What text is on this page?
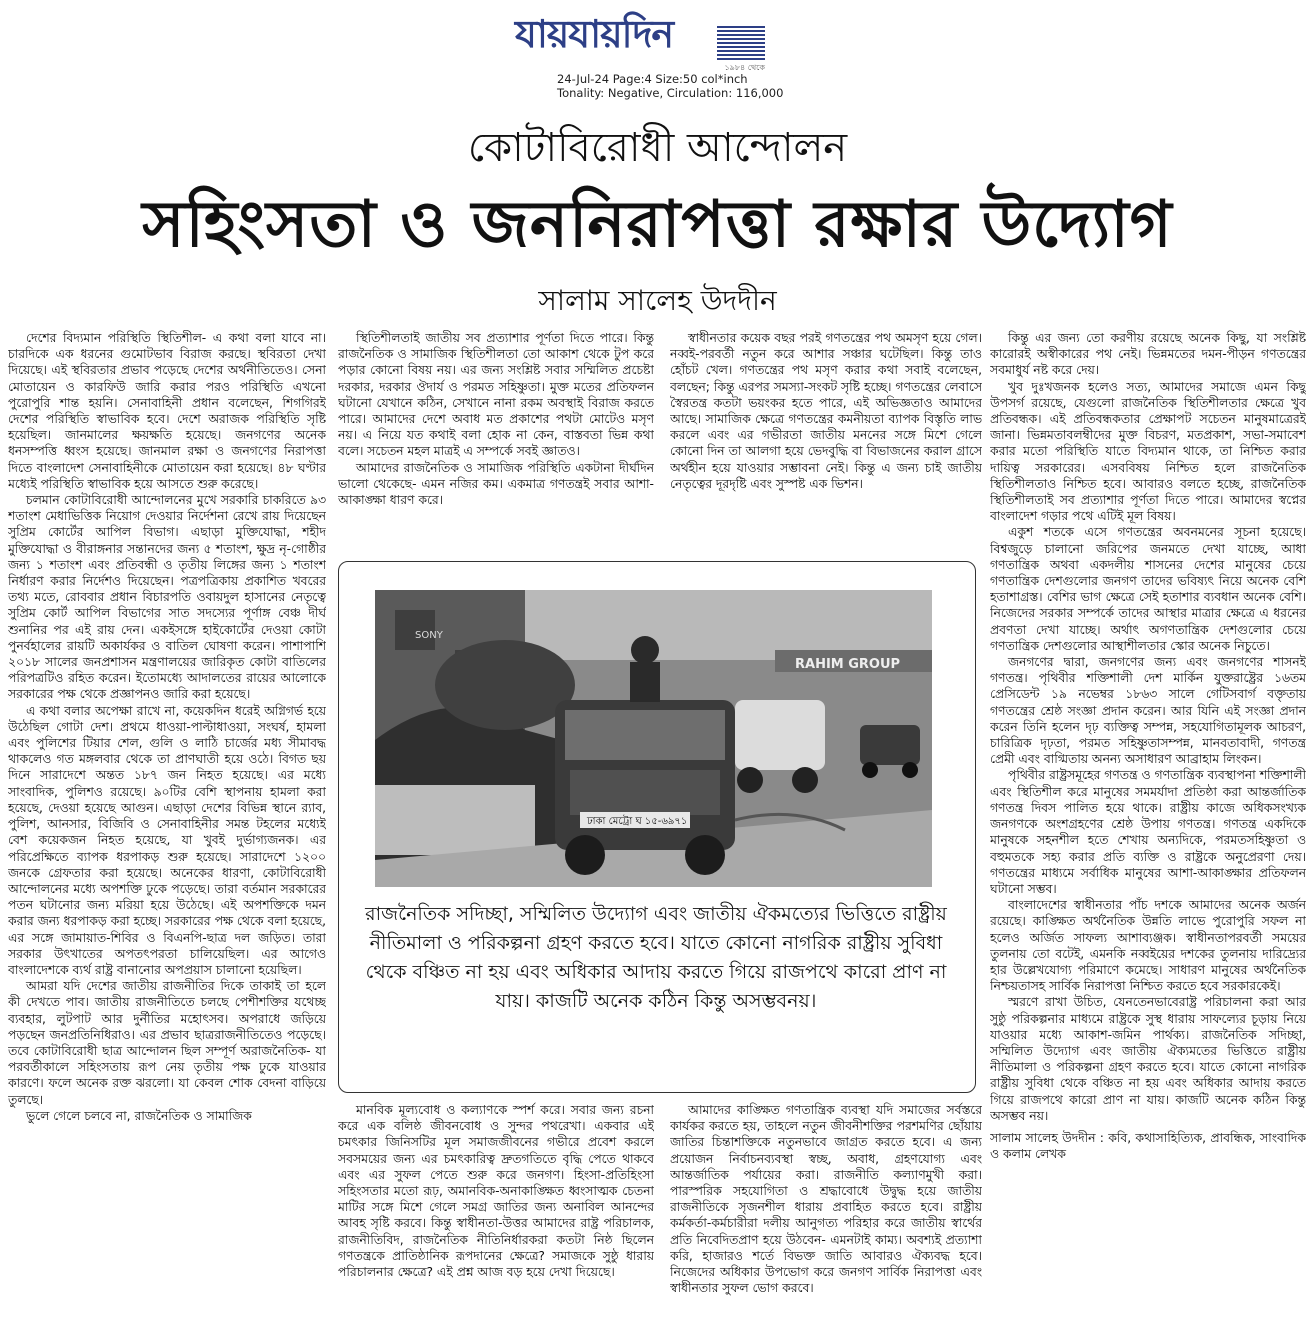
যায়যায়দিন
১৯৮৪ থেকে
24-Jul-24 Page:4 Size:50 col*inch
Tonality: Negative, Circulation: 116,000
কোটাবিরোধী আন্দোলন
সহিংসতা ও জননিরাপত্তা রক্ষার উদ্যোগ
সালাম সালেহ উদদীন

দেশের বিদ্যমান পরিস্থিতি স্থিতিশীল- এ কথা বলা যাবে না। চারদিকে এক ধরনের গুমোটভাব বিরাজ করছে। স্থবিরতা দেখা দিয়েছে। এই স্থবিরতার প্রভাব পড়েছে দেশের অর্থনীতিতেও। সেনা মোতায়েন ও কারফিউ জারি করার পরও পরিস্থিতি এখনো পুরোপুরি শান্ত হয়নি। সেনাবাহিনী প্রধান বলেছেন, শিগগিরই দেশের পরিস্থিতি স্বাভাবিক হবে। দেশে অরাজক পরিস্থিতি সৃষ্টি হয়েছিল। জানমালের ক্ষয়ক্ষতি হয়েছে। জনগণের অনেক ধনসম্পত্তি ধ্বংস হয়েছে। জানমাল রক্ষা ও জনগণের নিরাপত্তা দিতে বাংলাদেশ সেনাবাহিনীকে মোতায়েন করা হয়েছে। ৪৮ ঘণ্টার মধ্যেই পরিস্থিতি স্বাভাবিক হয়ে আসতে শুরু করেছে।

চলমান কোটাবিরোধী আন্দোলনের মুখে সরকারি চাকরিতে ৯৩ শতাংশ মেধাভিত্তিক নিয়োগ দেওয়ার নির্দেশনা রেখে রায় দিয়েছেন সুপ্রিম কোর্টের আপিল বিভাগ। এছাড়া মুক্তিযোদ্ধা, শহীদ মুক্তিযোদ্ধা ও বীরাঙ্গনার সন্তানদের জন্য ৫ শতাংশ, ক্ষুদ্র নৃ-গোষ্ঠীর জন্য ১ শতাংশ এবং প্রতিবন্ধী ও তৃতীয় লিঙ্গের জন্য ১ শতাংশ নির্ধারণ করার নির্দেশও দিয়েছেন। পত্রপত্রিকায় প্রকাশিত খবরের তথ্য মতে, রোববার প্রধান বিচারপতি ওবায়দুল হাসানের নেতৃত্বে সুপ্রিম কোর্ট আপিল বিভাগের সাত সদস্যের পূর্ণাঙ্গ বেঞ্চ দীর্ঘ শুনানির পর এই রায় দেন। একইসঙ্গে হাইকোর্টের দেওয়া কোটা পুনর্বহালের রায়টি অকার্যকর ও বাতিল ঘোষণা করেন। পাশাপাশি ২০১৮ সালের জনপ্রশাসন মন্ত্রণালয়ের জারিকৃত কোটা বাতিলের পরিপত্রটিও রহিত করেন। ইতোমধ্যে আদালতের রায়ের আলোকে সরকারের পক্ষ থেকে প্রজ্ঞাপনও জারি করা হয়েছে।

এ কথা বলার অপেক্ষা রাখে না, কয়েকদিন ধরেই অগ্নিগর্ভ হয়ে উঠেছিল গোটা দেশ। প্রথমে ধাওয়া-পাল্টাধাওয়া, সংঘর্ষ, হামলা এবং পুলিশের টিয়ার শেল, গুলি ও লাঠি চার্জের মধ্য সীমাবদ্ধ থাকলেও গত মঙ্গলবার থেকে তা প্রাণঘাতী হয়ে ওঠে। বিগত ছয় দিনে সারাদেশে অন্তত ১৮৭ জন নিহত হয়েছে। এর মধ্যে সাংবাদিক, পুলিশও রয়েছে। ৯০টির বেশি স্থাপনায় হামলা করা হয়েছে, দেওয়া হয়েছে আগুন। এছাড়া দেশের বিভিন্ন স্থানে র‌্যাব, পুলিশ, আনসার, বিজিবি ও সেনাবাহিনীর সমন্ত টহলের মধ্যেই বেশ কয়েকজন নিহত হয়েছে, যা খুবই দুর্ভাগ্যজনক। এর পরিপ্রেক্ষিতে ব্যাপক ধরপাকড় শুরু হয়েছে। সারাদেশে ১২০০ জনকে গ্রেফতার করা হয়েছে। অনেকের ধারণা, কোটাবিরোধী আন্দোলনের মধ্যে অপশক্তি ঢুকে পড়েছে। তারা বর্তমান সরকারের পতন ঘটানোর জন্য মরিয়া হয়ে উঠেছে। এই অপশক্তিকে দমন করার জন্য ধরপাকড় করা হচ্ছে। সরকারের পক্ষ থেকে বলা হয়েছে, এর সঙ্গে জামায়াত-শিবির ও বিএনপি-ছাত্র দল জড়িত। তারা সরকার উৎখাতের অপতৎপরতা চালিয়েছিল। এর আগেও বাংলাদেশকে ব্যর্থ রাষ্ট্র বানানোর অপপ্রয়াস চালানো হয়েছিল।

আমরা যদি দেশের জাতীয় রাজনীতির দিকে তাকাই তা হলে কী দেখতে পাব। জাতীয় রাজনীতিতে চলছে পেশীশক্তির যথেচ্ছ ব্যবহার, লুটপাট আর দুর্নীতির মহোৎসব। অপরাধে জড়িয়ে পড়ছেন জনপ্রতিনিধিরাও। এর প্রভাব ছাত্ররাজনীতিতেও পড়েছে। তবে কোটাবিরোধী ছাত্র আন্দোলন ছিল সম্পূর্ণ অরাজনৈতিক- যা পরবর্তীকালে সহিংসতায় রূপ নেয় তৃতীয় পক্ষ ঢুকে যাওয়ার কারণে। ফলে অনেক রক্ত ঝরলো। যা কেবল শোক বেদনা বাড়িয়ে তুলছে।

ভুলে গেলে চলবে না, রাজনৈতিক ও সামাজিক

স্থিতিশীলতাই জাতীয় সব প্রত্যাশার পূর্ণতা দিতে পারে। কিন্তু রাজনৈতিক ও সামাজিক স্থিতিশীলতা তো আকাশ থেকে টুপ করে পড়ার কোনো বিষয় নয়। এর জন্য সংশ্লিষ্ট সবার সম্মিলিত প্রচেষ্টা দরকার, দরকার ঔদার্য ও পরমত সহিষ্ণুতা। মুক্ত মতের প্রতিফলন ঘটানো যেখানে কঠিন, সেখানে নানা রকম অবস্থাই বিরাজ করতে পারে। আমাদের দেশে অবাধ মত প্রকাশের পথটা মোটেও মসৃণ নয়। এ নিয়ে যত কথাই বলা হোক না কেন, বাস্তবতা ভিন্ন কথা বলে। সচেতন মহল মাত্রই এ সম্পর্কে সবই জ্ঞাতও।

আমাদের রাজনৈতিক ও সামাজিক পরিস্থিতি একটানা দীর্ঘদিন ভালো থেকেছে- এমন নজির কম। একমাত্র গণতন্ত্রই সবার আশা-আকাঙ্ক্ষা ধারণ করে।

স্বাধীনতার কয়েক বছর পরই গণতন্ত্রের পথ অমসৃণ হয়ে গেল। নব্বই-পরবর্তী নতুন করে আশার সঞ্চার ঘটেছিল। কিন্তু তাও হোঁচট খেল। গণতন্ত্রের পথ মসৃণ করার কথা সবাই বলেছেন, বলছেন; কিন্তু এরপর সমস্যা-সংকট সৃষ্টি হচ্ছে। গণতন্ত্রের লেবাসে স্বৈরতন্ত্র কতটা ভয়ংকর হতে পারে, এই অভিজ্ঞতাও আমাদের আছে। সামাজিক ক্ষেত্রে গণতন্ত্রের কমনীয়তা ব্যাপক বিস্তৃতি লাভ করলে এবং এর গভীরতা জাতীয় মননের সঙ্গে মিশে গেলে কোনো দিন তা আলগা হয়ে ভেদবুদ্ধি বা বিভাজনের করাল গ্রাসে অর্থহীন হয়ে যাওয়ার সম্ভাবনা নেই। কিন্তু এ জন্য চাই জাতীয় নেতৃত্বের দূরদৃষ্টি এবং সুস্পষ্ট এক ভিশন।

কিন্তু এর জন্য তো করণীয় রয়েছে অনেক কিছু, যা সংশ্লিষ্ট কারোরই অস্বীকারের পথ নেই। ভিন্নমতের দমন-পীড়ন গণতন্ত্রের সবমাধুর্য নষ্ট করে দেয়।

খুব দুঃখজনক হলেও সত্য, আমাদের সমাজে এমন কিছু উপসর্গ রয়েছে, যেগুলো রাজনৈতিক স্থিতিশীলতার ক্ষেত্রে খুব প্রতিবন্ধক। এই প্রতিবন্ধকতার প্রেক্ষাপট সচেতন মানুষমাত্রেরই জানা। ভিন্নমতাবলম্বীদের মুক্ত বিচরণ, মতপ্রকাশ, সভা-সমাবেশ করার মতো পরিস্থিতি যাতে বিদ্যমান থাকে, তা নিশ্চিত করার দায়িত্ব সরকারের। এসববিষয় নিশ্চিত হলে রাজনৈতিক স্থিতিশীলতাও নিশ্চিত হবে। আবারও বলতে হচ্ছে, রাজনৈতিক স্থিতিশীলতাই সব প্রত্যাশার পূর্ণতা দিতে পারে। আমাদের স্বপ্নের বাংলাদেশ গড়ার পথে এটিই মূল বিষয়।

একুশ শতকে এসে গণতন্ত্রের অবনমনের সূচনা হয়েছে। বিশ্বজুড়ে চালানো জরিপের জনমতে দেখা যাচ্ছে, আধা গণতান্ত্রিক অথবা একদলীয় শাসনের দেশের মানুষের চেয়ে গণতান্ত্রিক দেশগুলোর জনগণ তাদের ভবিষ্যৎ নিয়ে অনেক বেশি হতাশাগ্রস্ত। বেশির ভাগ ক্ষেত্রে সেই হতাশার ব্যবধান অনেক বেশি। নিজেদের সরকার সম্পর্কে তাদের আস্থার মাত্রার ক্ষেত্রে এ ধরনের প্রবণতা দেখা যাচ্ছে। অর্থাৎ অগণতান্ত্রিক দেশগুলোর চেয়ে গণতান্ত্রিক দেশগুলোর আস্থাশীলতার স্কোর অনেক নিচুতে।

জনগণের দ্বারা, জনগণের জন্য এবং জনগণের শাসনই গণতন্ত্র। পৃথিবীর শক্তিশালী দেশ মার্কিন যুক্তরাষ্ট্রের ১৬তম প্রেসিডেন্ট ১৯ নভেম্বর ১৮৬৩ সালে গেটিসবার্গ বক্তৃতায় গণতন্ত্রের শ্রেষ্ঠ সংজ্ঞা প্রদান করেন। আর যিনি এই সংজ্ঞা প্রদান করেন তিনি হলেন দৃঢ় ব্যক্তিত্ব সম্পন্ন, সহযোগিতামূলক আচরণ, চারিত্রিক দৃঢ়তা, পরমত সহিষ্ণুতাসম্পন্ন, মানবতাবাদী, গণতন্ত্র প্রেমী এবং বাগ্মিতায় অনন্য অসাধারণ আব্রাহাম লিংকন।

পৃথিবীর রাষ্ট্রসমূহের গণতন্ত্র ও গণতান্ত্রিক ব্যবস্থাপনা শক্তিশালী এবং স্থিতিশীল করে মানুষের সমমর্যাদা প্রতিষ্ঠা করা আন্তর্জাতিক গণতন্ত্র দিবস পালিত হয়ে থাকে। রাষ্ট্রীয় কাজে অধিকসংখ্যক জনগণকে অংশগ্রহণের শ্রেষ্ঠ উপায় গণতন্ত্র। গণতন্ত্র একদিকে মানুষকে সহনশীল হতে শেখায় অন্যদিকে, পরমতসহিষ্ণুতা ও বহুমতকে সহ্য করার প্রতি ব্যক্তি ও রাষ্ট্রকে অনুপ্রেরণা দেয়। গণতন্ত্রের মাধ্যমে সর্বাধিক মানুষের আশা-আকাঙ্ক্ষার প্রতিফলন ঘটানো সম্ভব।

বাংলাদেশের স্বাধীনতার পাঁচ দশকে আমাদের অনেক অর্জন রয়েছে। কাঙ্ক্ষিত অর্থনৈতিক উন্নতি লাভে পুরোপুরি সফল না হলেও অর্জিত সাফল্য আশাব্যঞ্জক। স্বাধীনতাপরবর্তী সময়ের তুলনায় তো বটেই, এমনকি নব্বইয়ের দশকের তুলনায় দারিদ্র্যের হার উল্লেখযোগ্য পরিমাণে কমেছে। সাধারণ মানুষের অর্থনৈতিক নিশ্চয়তাসহ সার্বিক নিরাপত্তা নিশ্চিত করতে হবে সরকারকেই।

স্মরণে রাখা উচিত, যেনতেনভাবেরাষ্ট্র পরিচালনা করা আর সুষ্ঠু পরিকল্পনার মাধ্যমে রাষ্ট্রকে সুস্থ ধারায় সাফল্যের চূড়ায় নিয়ে যাওয়ার মধ্যে আকাশ-জমিন পার্থক্য। রাজনৈতিক সদিচ্ছা, সম্মিলিত উদ্যোগ এবং জাতীয় ঐক্যমতের ভিত্তিতে রাষ্ট্রীয় নীতিমালা ও পরিকল্পনা গ্রহণ করতে হবে। যাতে কোনো নাগরিক রাষ্ট্রীয় সুবিধা থেকে বঞ্চিত না হয় এবং অধিকার আদায় করতে গিয়ে রাজপথে কারো প্রাণ না যায়। কাজটি অনেক কঠিন কিন্তু অসম্ভব নয়।

সালাম সালেহ উদদীন : কবি, কথাসাহিত্যিক, প্রাবন্ধিক, সাংবাদিক ও কলাম লেখক

RAHIM GROUP
SONY
ঢাকা মেট্রো ঘ ১৫-৬৯৭১
রাজনৈতিক সদিচ্ছা, সম্মিলিত উদ্যোগ এবং জাতীয় ঐকমত্যের ভিত্তিতে রাষ্ট্রীয় নীতিমালা ও পরিকল্পনা গ্রহণ করতে হবে। যাতে কোনো নাগরিক রাষ্ট্রীয় সুবিধা থেকে বঞ্চিত না হয় এবং অধিকার আদায় করতে গিয়ে রাজপথে কারো প্রাণ না যায়। কাজটি অনেক কঠিন কিন্তু অসম্ভবনয়।

মানবিক মূল্যবোধ ও কল্যাণকে স্পর্শ করে। সবার জন্য রচনা করে এক বলিষ্ঠ জীবনবোধ ও সুন্দর পথরেখা। একবার এই চমৎকার জিনিসটির মূল সমাজজীবনের গভীরে প্রবেশ করলে সবসময়ের জন্য এর চমৎকারিত্ব দ্রুতগতিতে বৃদ্ধি পেতে থাকবে এবং এর সুফল পেতে শুরু করে জনগণ। হিংসা-প্রতিহিংসা সহিংসতার মতো রূঢ়, অমানবিক-অনাকাঙ্ক্ষিত ধ্বংসাত্মক চেতনা মাটির সঙ্গে মিশে গেলে সমগ্র জাতির জন্য অনাবিল আনন্দের আবহ সৃষ্টি করবে। কিন্তু স্বাধীনতা-উত্তর আমাদের রাষ্ট্র পরিচালক, রাজনীতিবিদ, রাজনৈতিক নীতিনির্ধারকরা কতটা নিষ্ঠ ছিলেন গণতন্ত্রকে প্রাতিষ্ঠানিক রূপদানের ক্ষেত্রে? সমাজকে সুষ্ঠু ধারায় পরিচালনার ক্ষেত্রে? এই প্রশ্ন আজ বড় হয়ে দেখা দিয়েছে।

আমাদের কাঙ্ক্ষিত গণতান্ত্রিক ব্যবস্থা যদি সমাজের সর্বস্তরে কার্যকর করতে হয়, তাহলে নতুন জীবনীশক্তির পরশমণির ছোঁয়ায় জাতির চিন্তাশক্তিকে নতুনভাবে জাগ্রত করতে হবে। এ জন্য প্রয়োজন নির্বাচনব্যবস্থা স্বচ্ছ, অবাধ, গ্রহণযোগ্য এবং আন্তর্জাতিক পর্যায়ের করা। রাজনীতি কল্যাণমুখী করা। পারস্পরিক সহযোগিতা ও শ্রদ্ধাবোধে উদ্বুদ্ধ হয়ে জাতীয় রাজনীতিকে সৃজনশীল ধারায় প্রবাহিত করতে হবে। রাষ্ট্রীয় কর্মকর্তা-কর্মচারীরা দলীয় আনুগত্য পরিহার করে জাতীয় স্বার্থের প্রতি নিবেদিতপ্রাণ হয়ে উঠবেন- এমনটাই কাম্য। অবশ্যই প্রত্যাশা করি, হাজারও শর্তে বিভক্ত জাতি আবারও ঐক্যবদ্ধ হবে। নিজেদের অধিকার উপভোগ করে জনগণ সার্বিক নিরাপত্তা এবং স্বাধীনতার সুফল ভোগ করবে।
